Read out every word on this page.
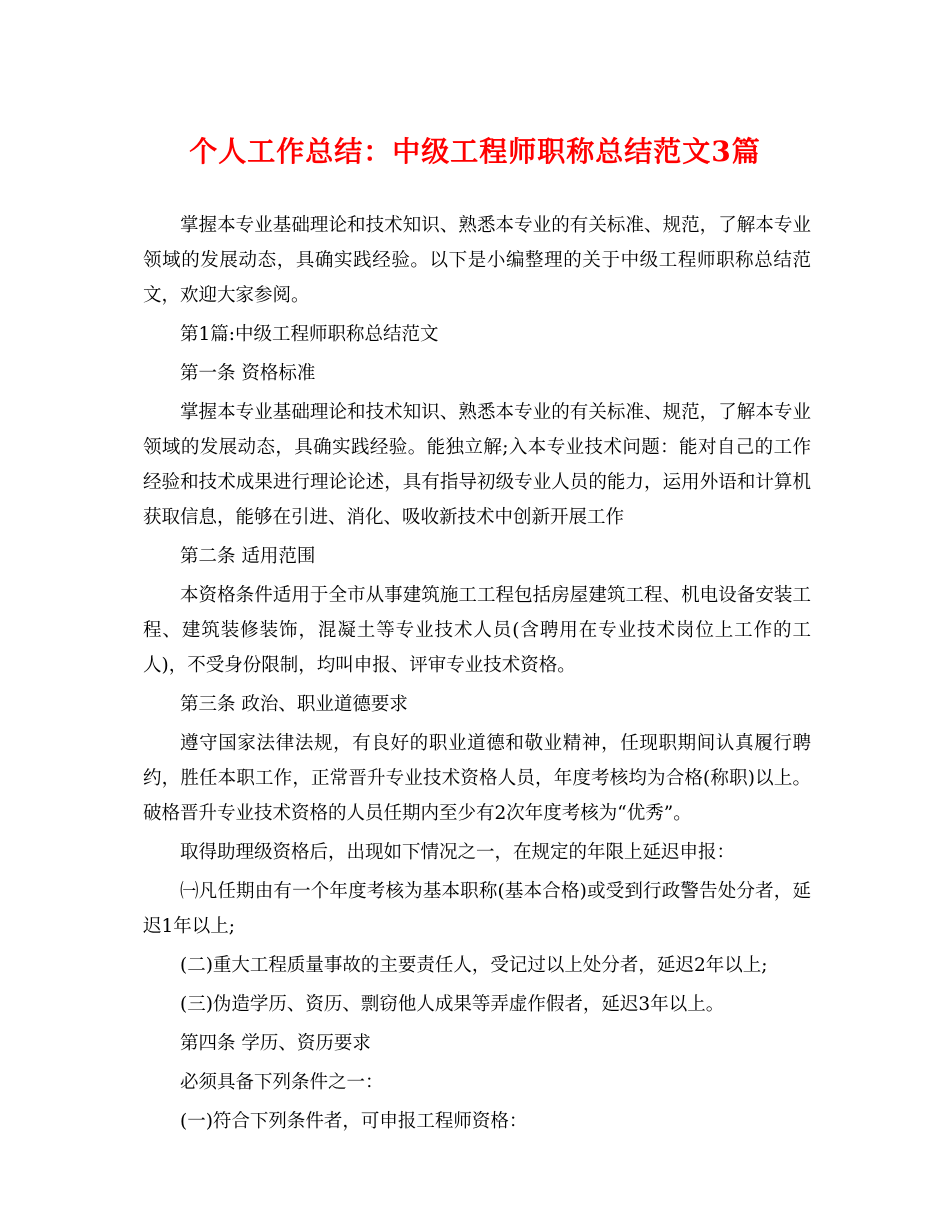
个人工作总结：中级工程师职称总结范文3篇

掌握本专业基础理论和技术知识、熟悉本专业的有关标准、规范，了解本专业领域的发展动态，具确实践经验。以下是小编整理的关于中级工程师职称总结范文，欢迎大家参阅。

第1篇:中级工程师职称总结范文

第一条 资格标准

掌握本专业基础理论和技术知识、熟悉本专业的有关标准、规范，了解本专业领域的发展动态，具确实践经验。能独立解;入本专业技术问题：能对自己的工作经验和技术成果进行理论论述，具有指导初级专业人员的能力，运用外语和计算机获取信息，能够在引进、消化、吸收新技术中创新开展工作

第二条 适用范围

本资格条件适用于全市从事建筑施工工程包括房屋建筑工程、机电设备安装工程、建筑装修装饰，混凝土等专业技术人员(含聘用在专业技术岗位上工作的工人)，不受身份限制，均叫申报、评审专业技术资格。

第三条 政治、职业道德要求

遵守国家法律法规，有良好的职业道德和敬业精神，任现职期间认真履行聘约，胜任本职工作，正常晋升专业技术资格人员，年度考核均为合格(称职)以上。破格晋升专业技术资格的人员任期内至少有2次年度考核为“优秀”。

取得助理级资格后，出现如下情况之一，在规定的年限上延迟申报：

㈠凡任期由有一个年度考核为基本职称(基本合格)或受到行政警告处分者，延迟1年以上;

(二)重大工程质量事故的主要责任人，受记过以上处分者，延迟2年以上;

(三)伪造学历、资历、剽窃他人成果等弄虚作假者，延迟3年以上。

第四条 学历、资历要求

必须具备下列条件之一：

(一)符合下列条件者，可申报工程师资格：
